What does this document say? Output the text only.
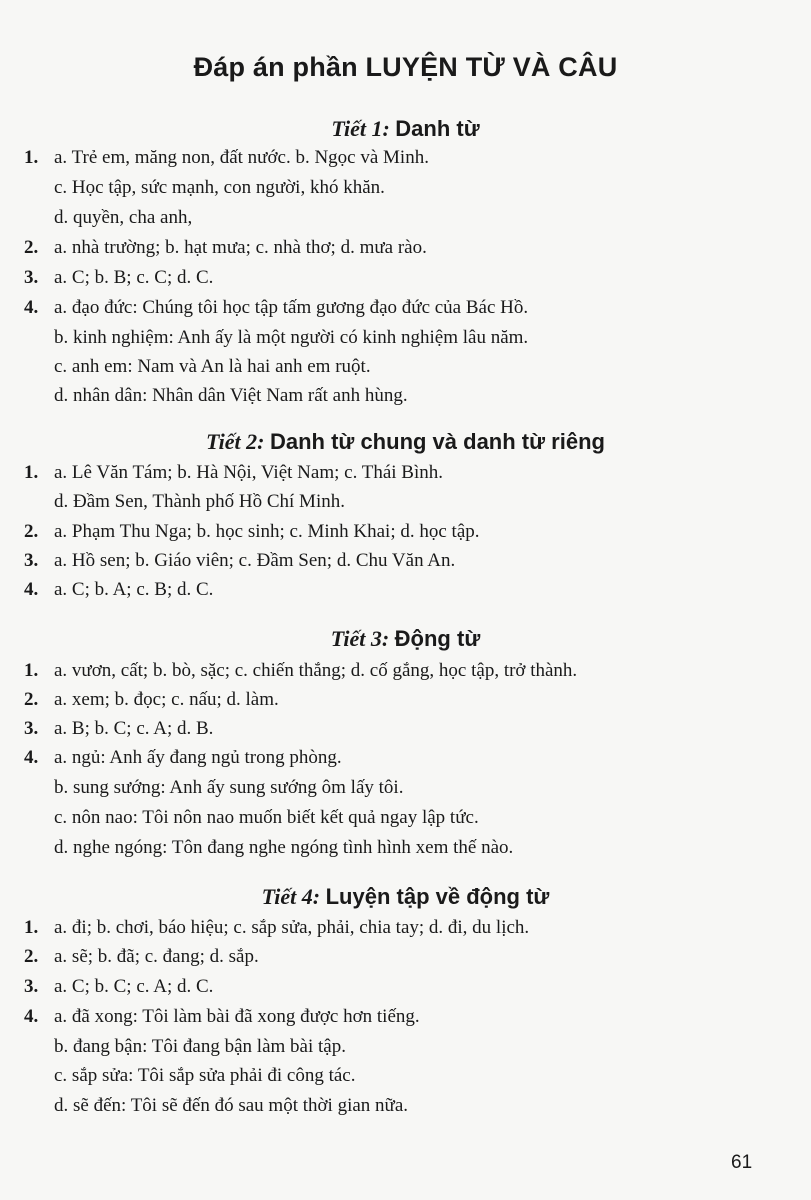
Đáp án phần LUYỆN TỪ VÀ CÂU
Tiết 1: Danh từ
1. a. Trẻ em, măng non, đất nước. b. Ngọc và Minh.
c. Học tập, sức mạnh, con người, khó khăn.
d. quyền, cha anh,
2. a. nhà trường; b. hạt mưa; c. nhà thơ; d. mưa rào.
3. a. C; b. B; c. C; d. C.
4. a. đạo đức: Chúng tôi học tập tấm gương đạo đức của Bác Hồ.
b. kinh nghiệm: Anh ấy là một người có kinh nghiệm lâu năm.
c. anh em: Nam và An là hai anh em ruột.
d. nhân dân: Nhân dân Việt Nam rất anh hùng.
Tiết 2: Danh từ chung và danh từ riêng
1. a. Lê Văn Tám; b. Hà Nội, Việt Nam; c. Thái Bình.
d. Đầm Sen, Thành phố Hồ Chí Minh.
2. a. Phạm Thu Nga; b. học sinh; c. Minh Khai; d. học tập.
3. a. Hồ sen; b. Giáo viên; c. Đầm Sen; d. Chu Văn An.
4. a. C; b. A; c. B; d. C.
Tiết 3: Động từ
1. a. vươn, cất; b. bò, sặc; c. chiến thắng; d. cố gắng, học tập, trở thành.
2. a. xem; b. đọc; c. nấu; d. làm.
3. a. B; b. C; c. A; d. B.
4. a. ngủ: Anh ấy đang ngủ trong phòng.
b. sung sướng: Anh ấy sung sướng ôm lấy tôi.
c. nôn nao: Tôi nôn nao muốn biết kết quả ngay lập tức.
d. nghe ngóng: Tôn đang nghe ngóng tình hình xem thế nào.
Tiết 4: Luyện tập về động từ
1. a. đi; b. chơi, báo hiệu; c. sắp sửa, phải, chia tay; d. đi, du lịch.
2. a. sẽ; b. đã; c. đang; d. sắp.
3. a. C; b. C; c. A; d. C.
4. a. đã xong: Tôi làm bài đã xong được hơn tiếng.
b. đang bận: Tôi đang bận làm bài tập.
c. sắp sửa: Tôi sắp sửa phải đi công tác.
d. sẽ đến: Tôi sẽ đến đó sau một thời gian nữa.
61
